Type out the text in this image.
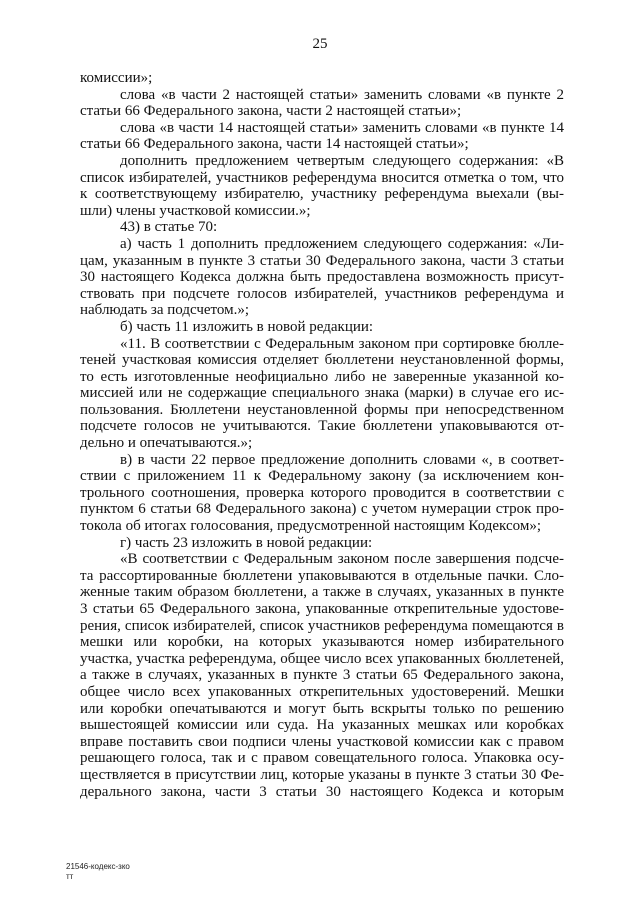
25
комиссии»;
слова «в части 2 настоящей статьи» заменить словами «в пункте 2
статьи 66 Федерального закона, части 2 настоящей статьи»;
слова «в части 14 настоящей статьи» заменить словами «в пункте 14
статьи 66 Федерального закона, части 14 настоящей статьи»;
дополнить предложением четвертым следующего содержания: «В
список избирателей, участников референдума вносится отметка о том, что
к соответствующему избирателю, участнику референдума выехали (вы-
шли) члены участковой комиссии.»;
43) в статье 70:
а) часть 1 дополнить предложением следующего содержания: «Ли-
цам, указанным в пункте 3 статьи 30 Федерального закона, части 3 статьи
30 настоящего Кодекса должна быть предоставлена возможность присут-
ствовать при подсчете голосов избирателей, участников референдума и
наблюдать за подсчетом.»;
б) часть 11 изложить в новой редакции:
«11. В соответствии с Федеральным законом при сортировке бюлле-
теней участковая комиссия отделяет бюллетени неустановленной формы,
то есть изготовленные неофициально либо не заверенные указанной ко-
миссией или не содержащие специального знака (марки) в случае его ис-
пользования. Бюллетени неустановленной формы при непосредственном
подсчете голосов не учитываются. Такие бюллетени упаковываются от-
дельно и опечатываются.»;
в) в части 22 первое предложение дополнить словами «, в соответ-
ствии с приложением 11 к Федеральному закону (за исключением кон-
трольного соотношения, проверка которого проводится в соответствии с
пунктом 6 статьи 68 Федерального закона) с учетом нумерации строк про-
токола об итогах голосования, предусмотренной настоящим Кодексом»;
г) часть 23 изложить в новой редакции:
«В соответствии с Федеральным законом после завершения подсче-
та рассортированные бюллетени упаковываются в отдельные пачки. Сло-
женные таким образом бюллетени, а также в случаях, указанных в пункте
3 статьи 65 Федерального закона, упакованные открепительные удостове-
рения, список избирателей, список участников референдума помещаются в
мешки или коробки, на которых указываются номер избирательного
участка, участка референдума, общее число всех упакованных бюллетеней,
а также в случаях, указанных в пункте 3 статьи 65 Федерального закона,
общее число всех упакованных открепительных удостоверений. Мешки
или коробки опечатываются и могут быть вскрыты только по решению
вышестоящей комиссии или суда. На указанных мешках или коробках
вправе поставить свои подписи члены участковой комиссии как с правом
решающего голоса, так и с правом совещательного голоса. Упаковка осу-
ществляется в присутствии лиц, которые указаны в пункте 3 статьи 30 Фе-
дерального закона, части 3 статьи 30 настоящего Кодекса и которым
21546-кодекс-зко
тт
